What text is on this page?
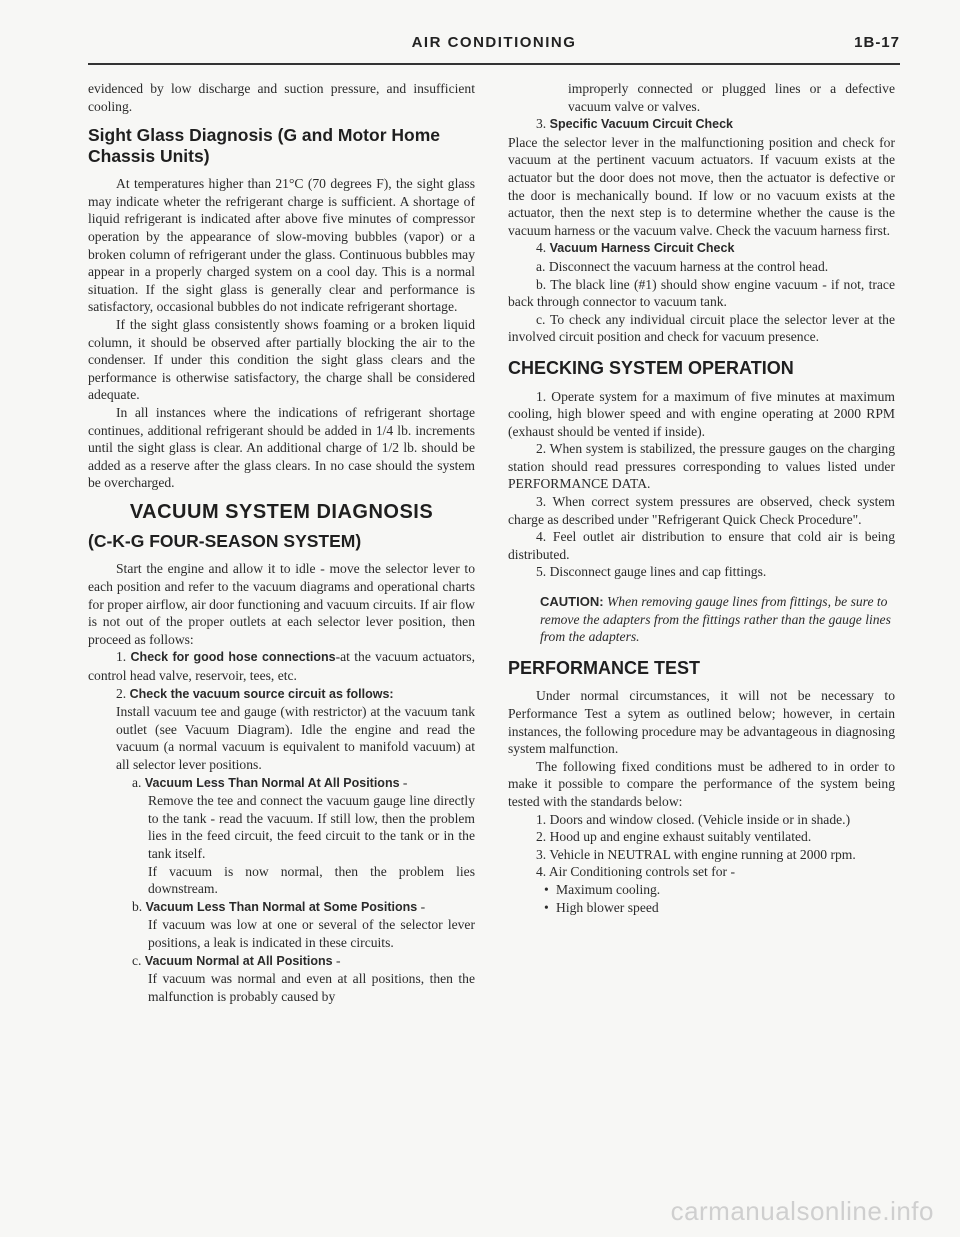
AIR CONDITIONING	1B-17

evidenced by low discharge and suction pressure, and insufficient cooling.

Sight Glass Diagnosis (G and Motor Home Chassis Units)

At temperatures higher than 21°C (70 degrees F), the sight glass may indicate wheter the refrigerant charge is sufficient. A shortage of liquid refrigerant is indicated after above five minutes of compressor operation by the appearance of slow-moving bubbles (vapor) or a broken column of refrigerant under the glass. Continuous bubbles may appear in a properly charged system on a cool day. This is a normal situation. If the sight glass is generally clear and performance is satisfactory, occasional bubbles do not indicate refrigerant shortage.

If the sight glass consistently shows foaming or a broken liquid column, it should be observed after partially blocking the air to the condenser. If under this condition the sight glass clears and the performance is otherwise satisfactory, the charge shall be considered adequate.

In all instances where the indications of refrigerant shortage continues, additional refrigerant should be added in 1/4 lb. increments until the sight glass is clear. An additional charge of 1/2 lb. should be added as a reserve after the glass clears. In no case should the system be overcharged.

VACUUM SYSTEM DIAGNOSIS
(C-K-G FOUR-SEASON SYSTEM)

Start the engine and allow it to idle - move the selector lever to each position and refer to the vacuum diagrams and operational charts for proper airflow, air door functioning and vacuum circuits. If air flow is not out of the proper outlets at each selector lever position, then proceed as follows:

1. Check for good hose connections-at the vacuum actuators, control head valve, reservoir, tees, etc.

2. Check the vacuum source circuit as follows:

Install vacuum tee and gauge (with restrictor) at the vacuum tank outlet (see Vacuum Diagram). Idle the engine and read the vacuum (a normal vacuum is equivalent to manifold vacuum) at all selector lever positions.

a. Vacuum Less Than Normal At All Positions -

Remove the tee and connect the vacuum gauge line directly to the tank - read the vacuum. If still low, then the problem lies in the feed circuit, the feed circuit to the tank or in the tank itself.

If vacuum is now normal, then the problem lies downstream.

b. Vacuum Less Than Normal at Some Positions -

If vacuum was low at one or several of the selector lever positions, a leak is indicated in these circuits.

c. Vacuum Normal at All Positions -

If vacuum was normal and even at all positions, then the malfunction is probably caused by

improperly connected or plugged lines or a defective vacuum valve or valves.

3. Specific Vacuum Circuit Check

Place the selector lever in the malfunctioning position and check for vacuum at the pertinent vacuum actuators. If vacuum exists at the actuator but the door does not move, then the actuator is defective or the door is mechanically bound. If low or no vacuum exists at the actuator, then the next step is to determine whether the cause is the vacuum harness or the vacuum valve. Check the vacuum harness first.

4. Vacuum Harness Circuit Check

a. Disconnect the vacuum harness at the control head.

b. The black line (#1) should show engine vacuum - if not, trace back through connector to vacuum tank.

c. To check any individual circuit place the selector lever at the involved circuit position and check for vacuum presence.

CHECKING SYSTEM OPERATION

1. Operate system for a maximum of five minutes at maximum cooling, high blower speed and with engine operating at 2000 RPM (exhaust should be vented if inside).

2. When system is stabilized, the pressure gauges on the charging station should read pressures corresponding to values listed under PERFORMANCE DATA.

3. When correct system pressures are observed, check system charge as described under "Refrigerant Quick Check Procedure".

4. Feel outlet air distribution to ensure that cold air is being distributed.

5. Disconnect gauge lines and cap fittings.

CAUTION: When removing gauge lines from fittings, be sure to remove the adapters from the fittings rather than the gauge lines from the adapters.

PERFORMANCE TEST

Under normal circumstances, it will not be necessary to Performance Test a sytem as outlined below; however, in certain instances, the following procedure may be advantageous in diagnosing system malfunction.

The following fixed conditions must be adhered to in order to make it possible to compare the performance of the system being tested with the standards below:

1. Doors and window closed. (Vehicle inside or in shade.)

2. Hood up and engine exhaust suitably ventilated.

3. Vehicle in NEUTRAL with engine running at 2000 rpm.

4. Air Conditioning controls set for -

• Maximum cooling.

• High blower speed

carmanualsonline.info
